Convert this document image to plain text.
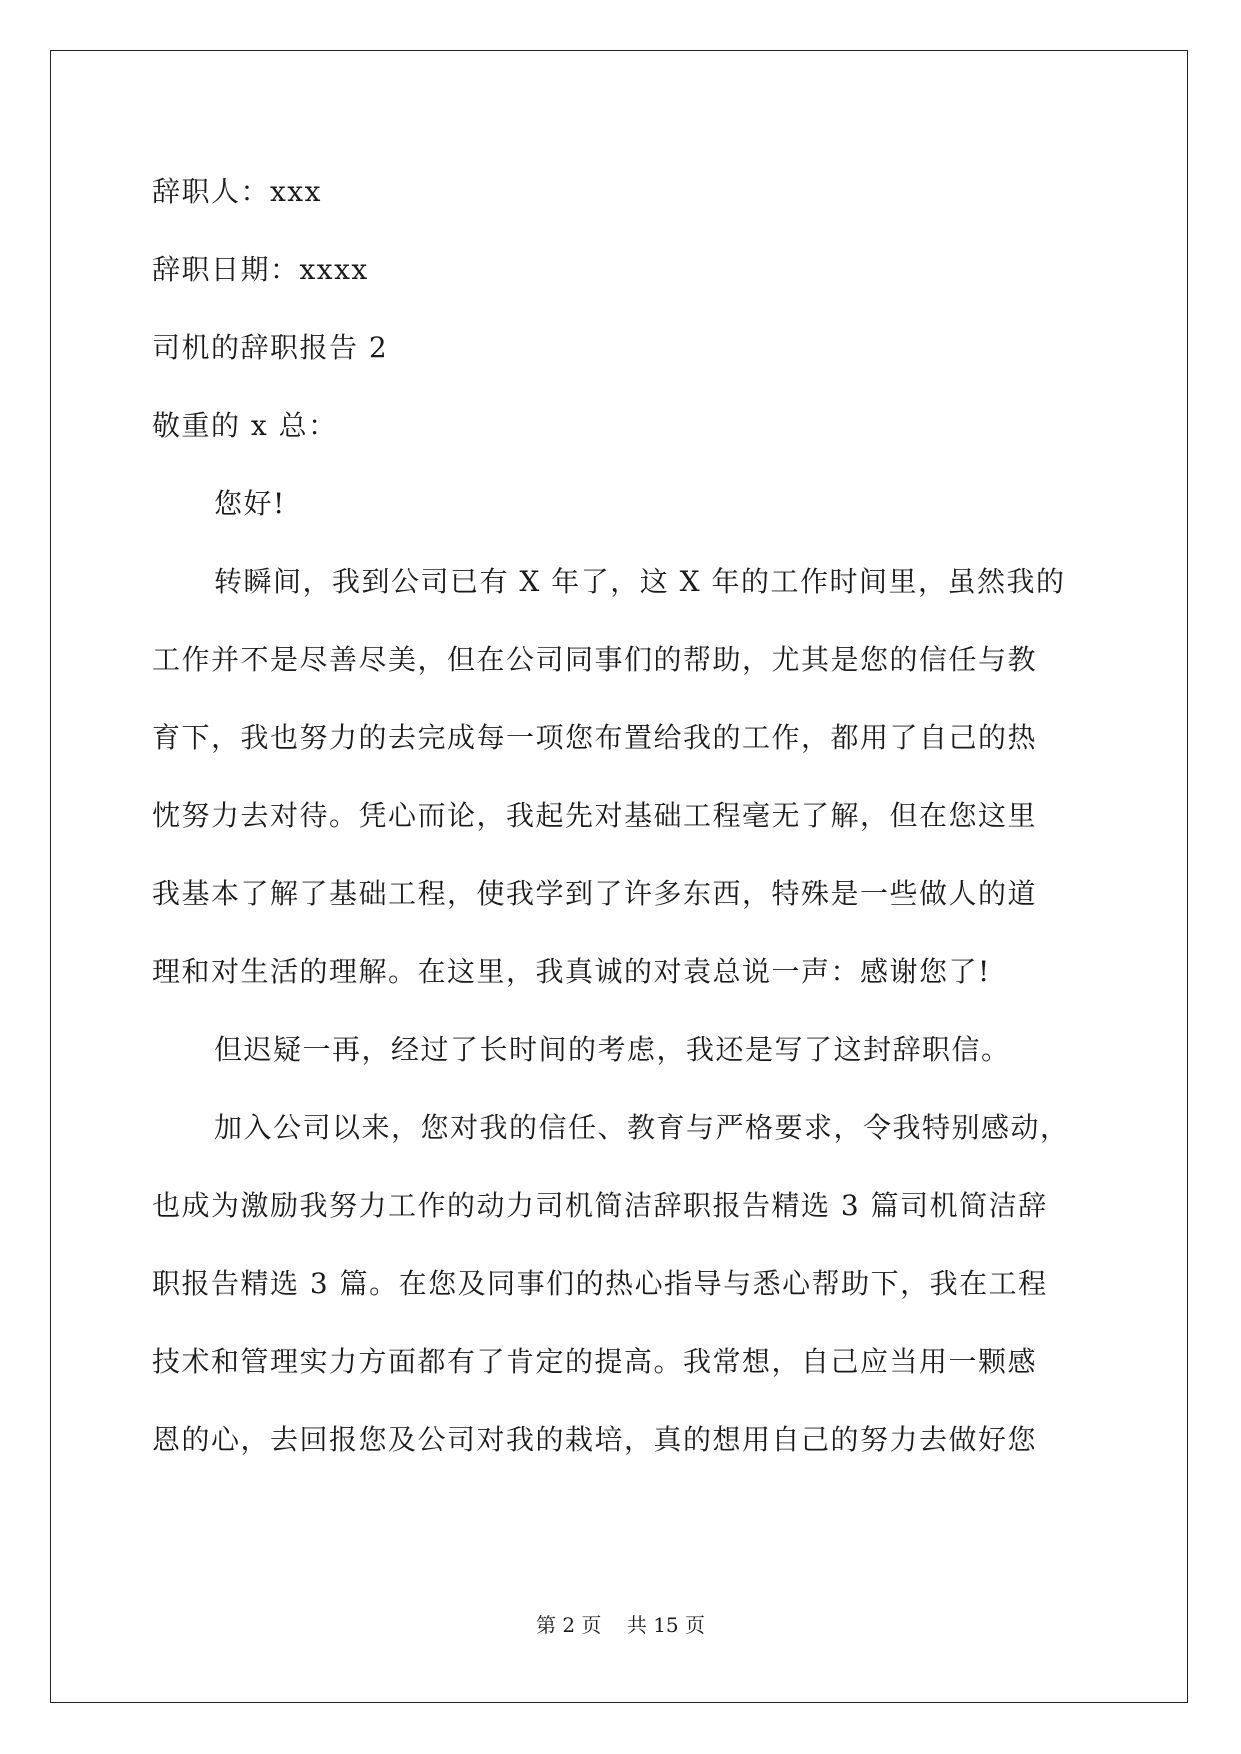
辞职人：xxx
辞职日期：xxxx
司机的辞职报告 2
敬重的 x 总：
您好!
转瞬间，我到公司已有 X 年了，这 X 年的工作时间里，虽然我的
工作并不是尽善尽美，但在公司同事们的帮助，尤其是您的信任与教
育下，我也努力的去完成每一项您布置给我的工作，都用了自己的热
忱努力去对待。凭心而论，我起先对基础工程毫无了解，但在您这里
我基本了解了基础工程，使我学到了许多东西，特殊是一些做人的道
理和对生活的理解。在这里，我真诚的对袁总说一声：感谢您了!
但迟疑一再，经过了长时间的考虑，我还是写了这封辞职信。
加入公司以来，您对我的信任、教育与严格要求，令我特别感动，
也成为激励我努力工作的动力司机简洁辞职报告精选 3 篇司机简洁辞
职报告精选 3 篇。在您及同事们的热心指导与悉心帮助下，我在工程
技术和管理实力方面都有了肯定的提高。我常想，自己应当用一颗感
恩的心，去回报您及公司对我的栽培，真的想用自己的努力去做好您
第 2 页    共 15 页
